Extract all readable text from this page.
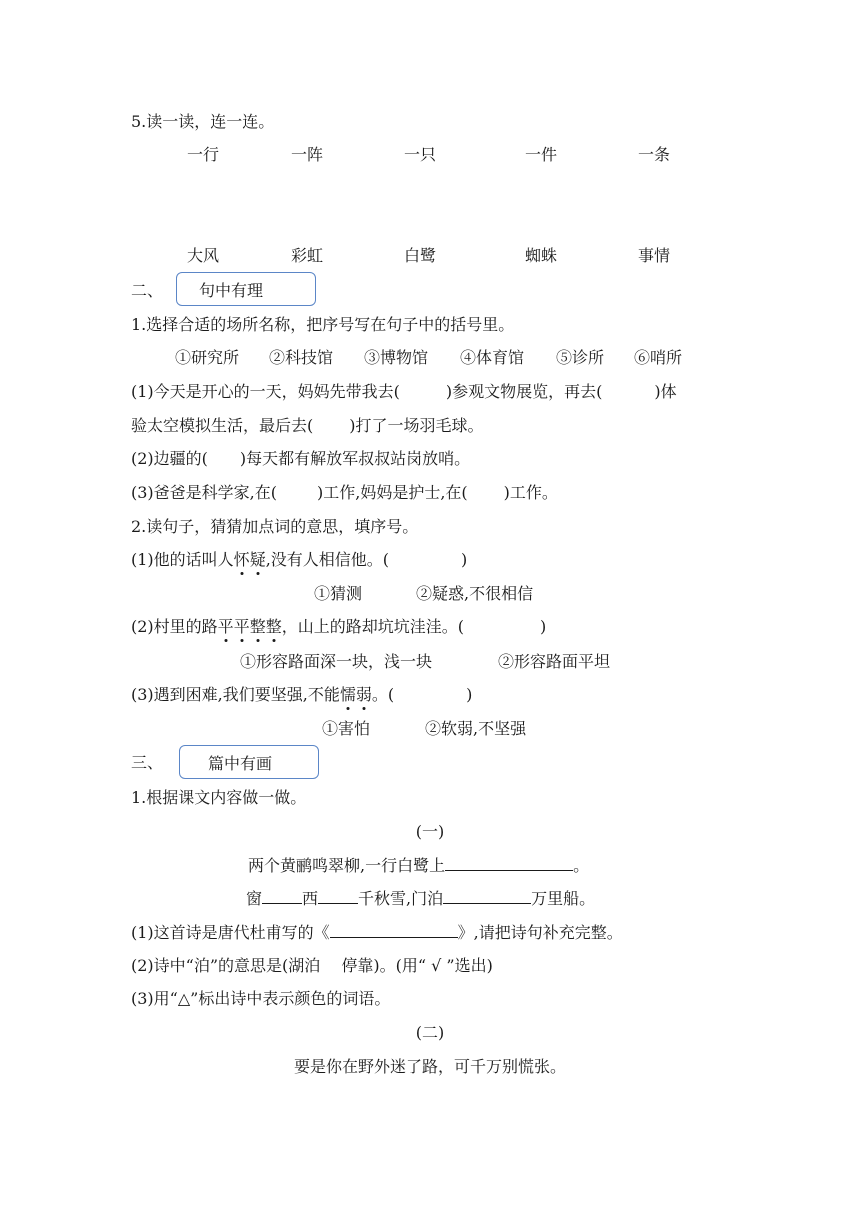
5.读一读，连一连。
一行	一阵	一只	一件	一条
大风	彩虹	白鹭	蜘蛛	事情
二、 句中有理
1.选择合适的场所名称，把序号写在句子中的括号里。
①研究所 ②科技馆 ③博物馆 ④体育馆 ⑤诊所 ⑥哨所
(1)今天是开心的一天，妈妈先带我去(	)参观文物展览，再去(	)体
验太空模拟生活，最后去( )打了一场羽毛球。
(2)边疆的( )每天都有解放军叔叔站岗放哨。
(3)爸爸是科学家,在(	)工作,妈妈是护士,在( )工作。
2.读句子，猜猜加点词的意思，填序号。
(1)他的话叫人怀疑,没有人相信他。(	)
①猜测	②疑惑,不很相信
(2)村里的路平平整整，山上的路却坑坑洼洼。(	)
①形容路面深一块，浅一块	②形容路面平坦
(3)遇到困难,我们要坚强,不能懦弱。(	)
①害怕	②软弱,不坚强
三、	篇中有画
1.根据课文内容做一做。
(一)
两个黄鹂鸣翠柳,一行白鹭上	。
窗	西	千秋雪,门泊	万里船。
(1)这首诗是唐代杜甫写的《	》,请把诗句补充完整。
(2)诗中“泊”的意思是(湖泊　 停靠)。(用“ √ ”选出)
(3)用“△”标出诗中表示颜色的词语。
(二)
要是你在野外迷了路，可千万别慌张。
